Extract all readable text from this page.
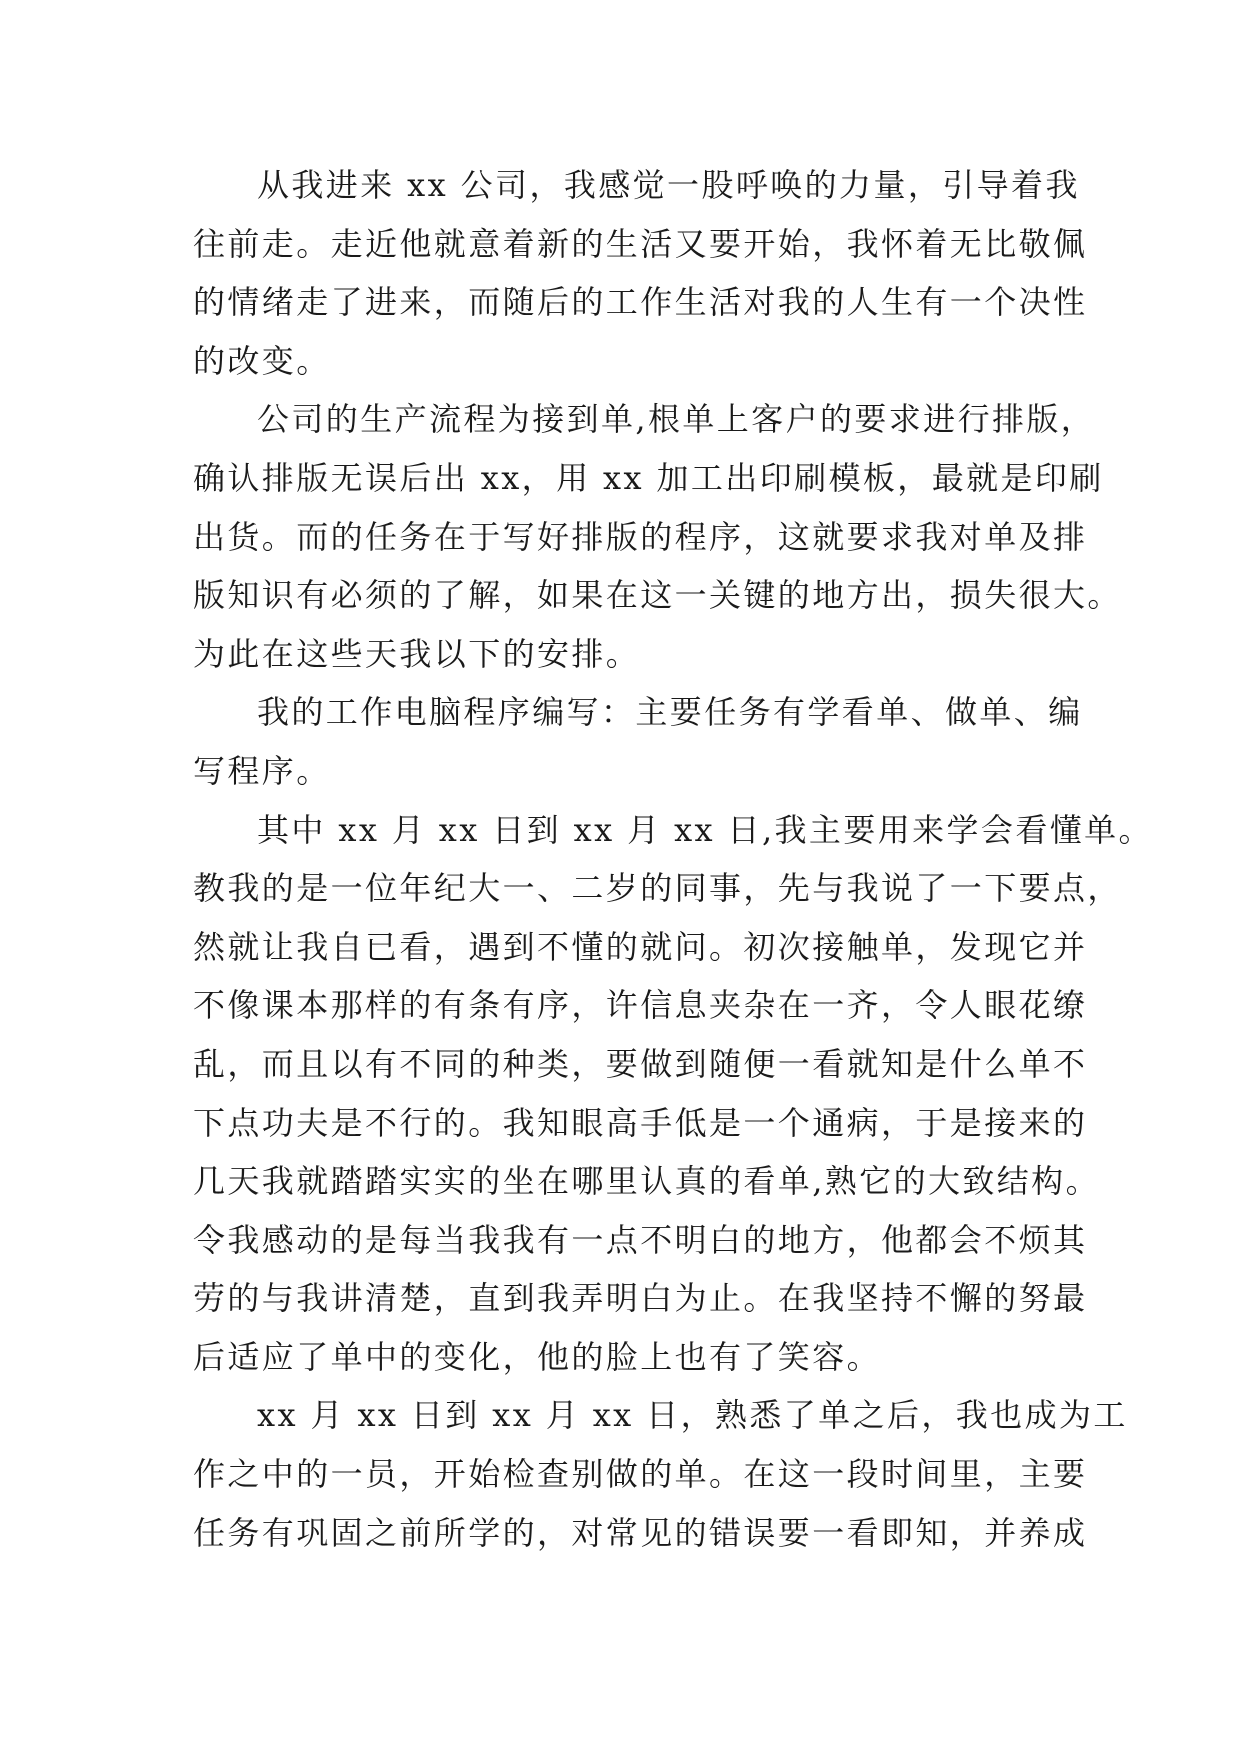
从我进来 xx 公司，我感觉一股呼唤的力量，引导着我
往前走。走近他就意着新的生活又要开始，我怀着无比敬佩
的情绪走了进来，而随后的工作生活对我的人生有一个决性
的改变。
公司的生产流程为接到单,根单上客户的要求进行排版，
确认排版无误后出 xx，用 xx 加工出印刷模板，最就是印刷
出货。而的任务在于写好排版的程序，这就要求我对单及排
版知识有必须的了解，如果在这一关键的地方出，损失很大。
为此在这些天我以下的安排。
我的工作电脑程序编写：主要任务有学看单、做单、编
写程序。
其中 xx 月 xx 日到 xx 月 xx 日,我主要用来学会看懂单。
教我的是一位年纪大一、二岁的同事，先与我说了一下要点，
然就让我自已看，遇到不懂的就问。初次接触单，发现它并
不像课本那样的有条有序，许信息夹杂在一齐，令人眼花缭
乱，而且以有不同的种类，要做到随便一看就知是什么单不
下点功夫是不行的。我知眼高手低是一个通病，于是接来的
几天我就踏踏实实的坐在哪里认真的看单,熟它的大致结构。
令我感动的是每当我我有一点不明白的地方，他都会不烦其
劳的与我讲清楚，直到我弄明白为止。在我坚持不懈的努最
后适应了单中的变化，他的脸上也有了笑容。
xx 月 xx 日到 xx 月 xx 日，熟悉了单之后，我也成为工
作之中的一员，开始检查别做的单。在这一段时间里，主要
任务有巩固之前所学的，对常见的错误要一看即知，并养成
